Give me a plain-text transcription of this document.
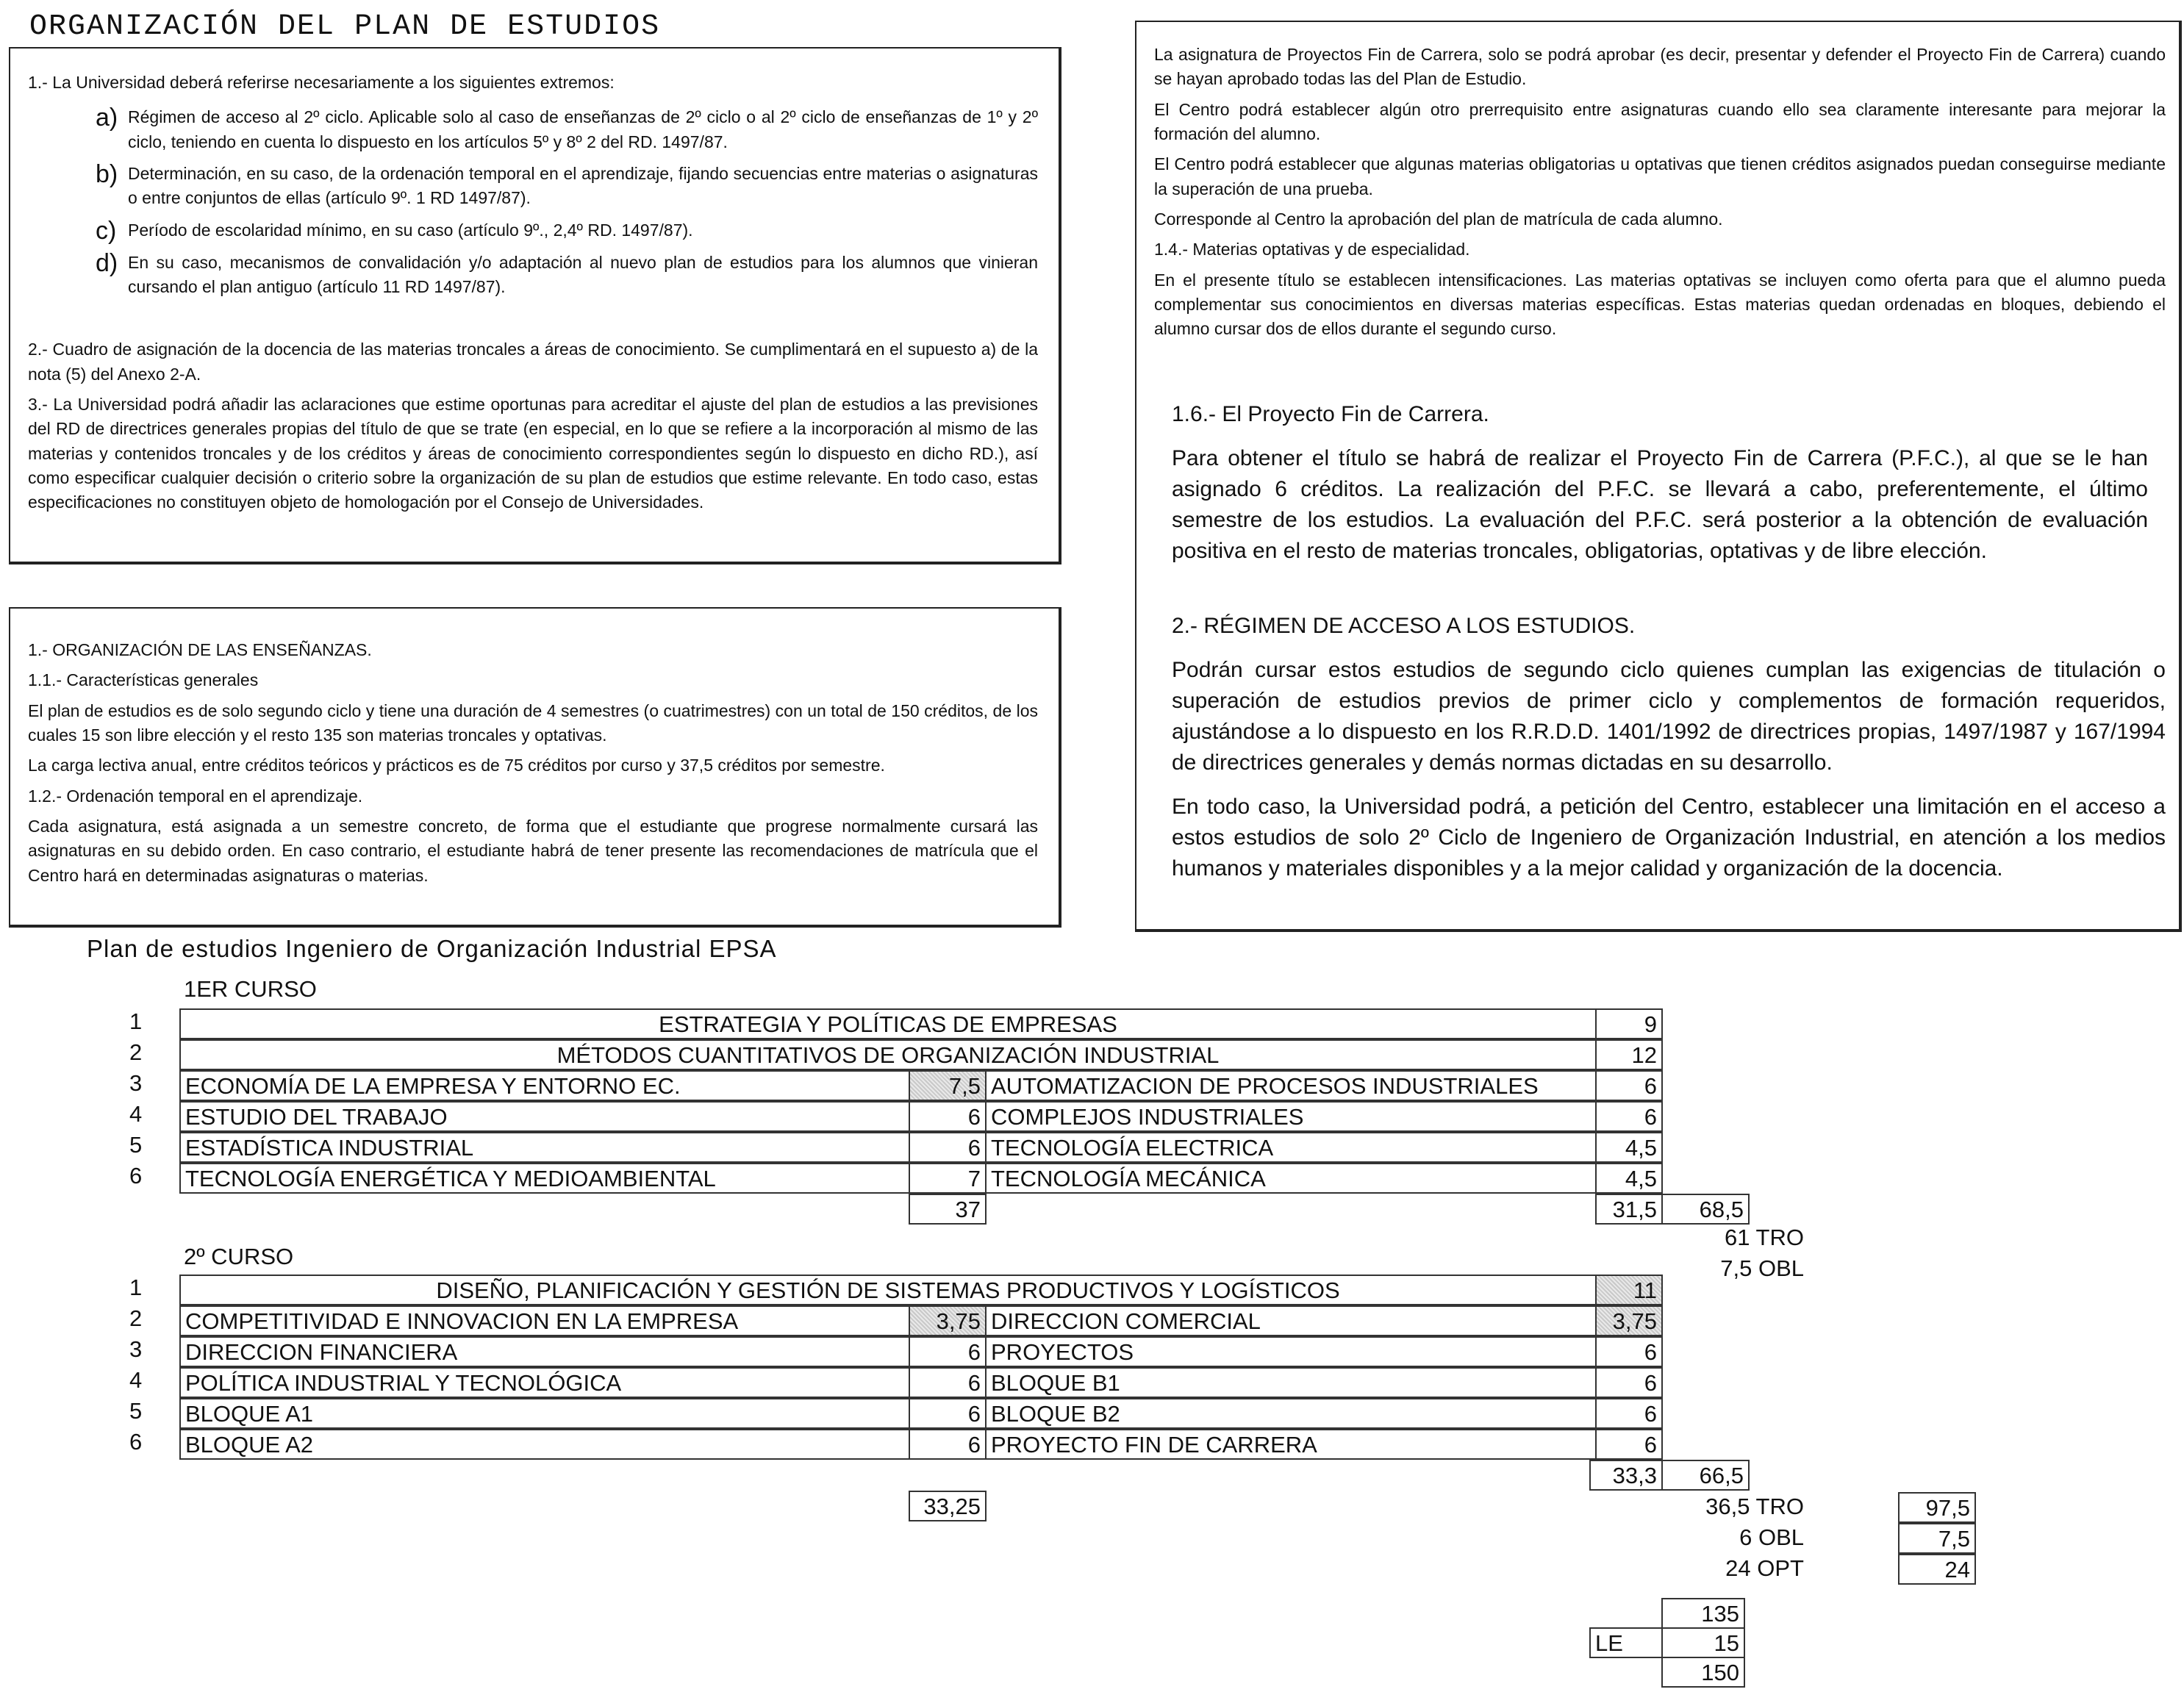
ORGANIZACIÓN DEL PLAN DE ESTUDIOS

1.- La Universidad deberá referirse necesariamente a los siguientes extremos:

a) Régimen de acceso al 2º ciclo. Aplicable solo al caso de enseñanzas de 2º ciclo o al 2º ciclo de enseñanzas de 1º y 2º ciclo, teniendo en cuenta lo dispuesto en los artículos 5º y 8º 2 del RD. 1497/87.
b) Determinación, en su caso, de la ordenación temporal en el aprendizaje, fijando secuencias entre materias o asignaturas o entre conjuntos de ellas (artículo 9º. 1 RD 1497/87).
c) Período de escolaridad mínimo, en su caso (artículo 9º., 2,4º RD. 1497/87).
d) En su caso, mecanismos de convalidación y/o adaptación al nuevo plan de estudios para los alumnos que vinieran cursando el plan antiguo (artículo 11 RD 1497/87).

2.- Cuadro de asignación de la docencia de las materias troncales a áreas de conocimiento. Se cumplimentará en el supuesto a) de la nota (5) del Anexo 2-A.

3.- La Universidad podrá añadir las aclaraciones que estime oportunas para acreditar el ajuste del plan de estudios a las previsiones del RD de directrices generales propias del título de que se trate (en especial, en lo que se refiere a la incorporación al mismo de las materias y contenidos troncales y de los créditos y áreas de conocimiento correspondientes según lo dispuesto en dicho RD.), así como especificar cualquier decisión o criterio sobre la organización de su plan de estudios que estime relevante. En todo caso, estas especificaciones no constituyen objeto de homologación por el Consejo de Universidades.

1.- ORGANIZACIÓN DE LAS ENSEÑANZAS.

1.1.- Características generales

El plan de estudios es de solo segundo ciclo y tiene una duración de 4 semestres (o cuatrimestres) con un total de 150 créditos, de los cuales 15 son libre elección y el resto 135 son materias troncales y optativas.

La carga lectiva anual, entre créditos teóricos y prácticos es de 75 créditos por curso y 37,5 créditos por semestre.

1.2.- Ordenación temporal en el aprendizaje.

Cada asignatura, está asignada a un semestre concreto, de forma que el estudiante que progrese normalmente cursará las asignaturas en su debido orden. En caso contrario, el estudiante habrá de tener presente las recomendaciones de matrícula que el Centro hará en determinadas asignaturas o materias.

La asignatura de Proyectos Fin de Carrera, solo se podrá aprobar (es decir, presentar y defender el Proyecto Fin de Carrera) cuando se hayan aprobado todas las del Plan de Estudio.

El Centro podrá establecer algún otro prerrequisito entre asignaturas cuando ello sea claramente interesante para mejorar la formación del alumno.

El Centro podrá establecer que algunas materias obligatorias u optativas que tienen créditos asignados puedan conseguirse mediante la superación de una prueba.

Corresponde al Centro la aprobación del plan de matrícula de cada alumno.

1.4.- Materias optativas y de especialidad.

En el presente título se establecen intensificaciones. Las materias optativas se incluyen como oferta para que el alumno pueda complementar sus conocimientos en diversas materias específicas. Estas materias quedan ordenadas en bloques, debiendo el alumno cursar dos de ellos durante el segundo curso.

1.6.- El Proyecto Fin de Carrera.

Para obtener el título se habrá de realizar el Proyecto Fin de Carrera (P.F.C.), al que se le han asignado 6 créditos. La realización del P.F.C. se llevará a cabo, preferentemente, el último semestre de los estudios. La evaluación del P.F.C. será posterior a la obtención de evaluación positiva en el resto de materias troncales, obligatorias, optativas y de libre elección.

2.- RÉGIMEN DE ACCESO A LOS ESTUDIOS.

Podrán cursar estos estudios de segundo ciclo quienes cumplan las exigencias de titulación o superación de estudios previos de primer ciclo y complementos de formación requeridos, ajustándose a lo dispuesto en los R.R.D.D. 1401/1992 de directrices propias, 1497/1987 y 167/1994 de directrices generales y demás normas dictadas en su desarrollo.

En todo caso, la Universidad podrá, a petición del Centro, establecer una limitación en el acceso a estos estudios de solo 2º Ciclo de Ingeniero de Organización Industrial, en atención a los medios humanos y materiales disponibles y a la mejor calidad y organización de la docencia.

Plan de estudios Ingeniero de Organización Industrial EPSA
1ER CURSO
1
2
3
4
5
6
ESTRATEGIA Y POLÍTICAS DE EMPRESAS	9
MÉTODOS CUANTITATIVOS DE ORGANIZACIÓN INDUSTRIAL	12
ECONOMÍA DE LA EMPRESA Y ENTORNO EC.	7,5 AUTOMATIZACION DE PROCESOS INDUSTRIALES	6
ESTUDIO DEL TRABAJO	6 COMPLEJOS INDUSTRIALES	6
ESTADÍSTICA INDUSTRIAL	6 TECNOLOGÍA ELECTRICA	4,5
TECNOLOGÍA ENERGÉTICA Y MEDIOAMBIENTAL	7 TECNOLOGÍA MECÁNICA	4,5
37	31,5	68,5
61 TRO
7,5 OBL
2º CURSO
1
2
3
4
5
6
DISEÑO, PLANIFICACIÓN Y GESTIÓN DE SISTEMAS PRODUCTIVOS Y LOGÍSTICOS	11
COMPETITIVIDAD E INNOVACION EN LA EMPRESA	3,75 DIRECCION COMERCIAL	3,75
DIRECCION FINANCIERA	6 PROYECTOS	6
POLÍTICA INDUSTRIAL Y TECNOLÓGICA	6 BLOQUE B1	6
BLOQUE A1	6 BLOQUE B2	6
BLOQUE A2	6 PROYECTO FIN DE CARRERA	6
33,3	66,5
33,25	36,5 TRO
6 OBL
24 OPT
97,5
7,5
24
135
LE	15
150
